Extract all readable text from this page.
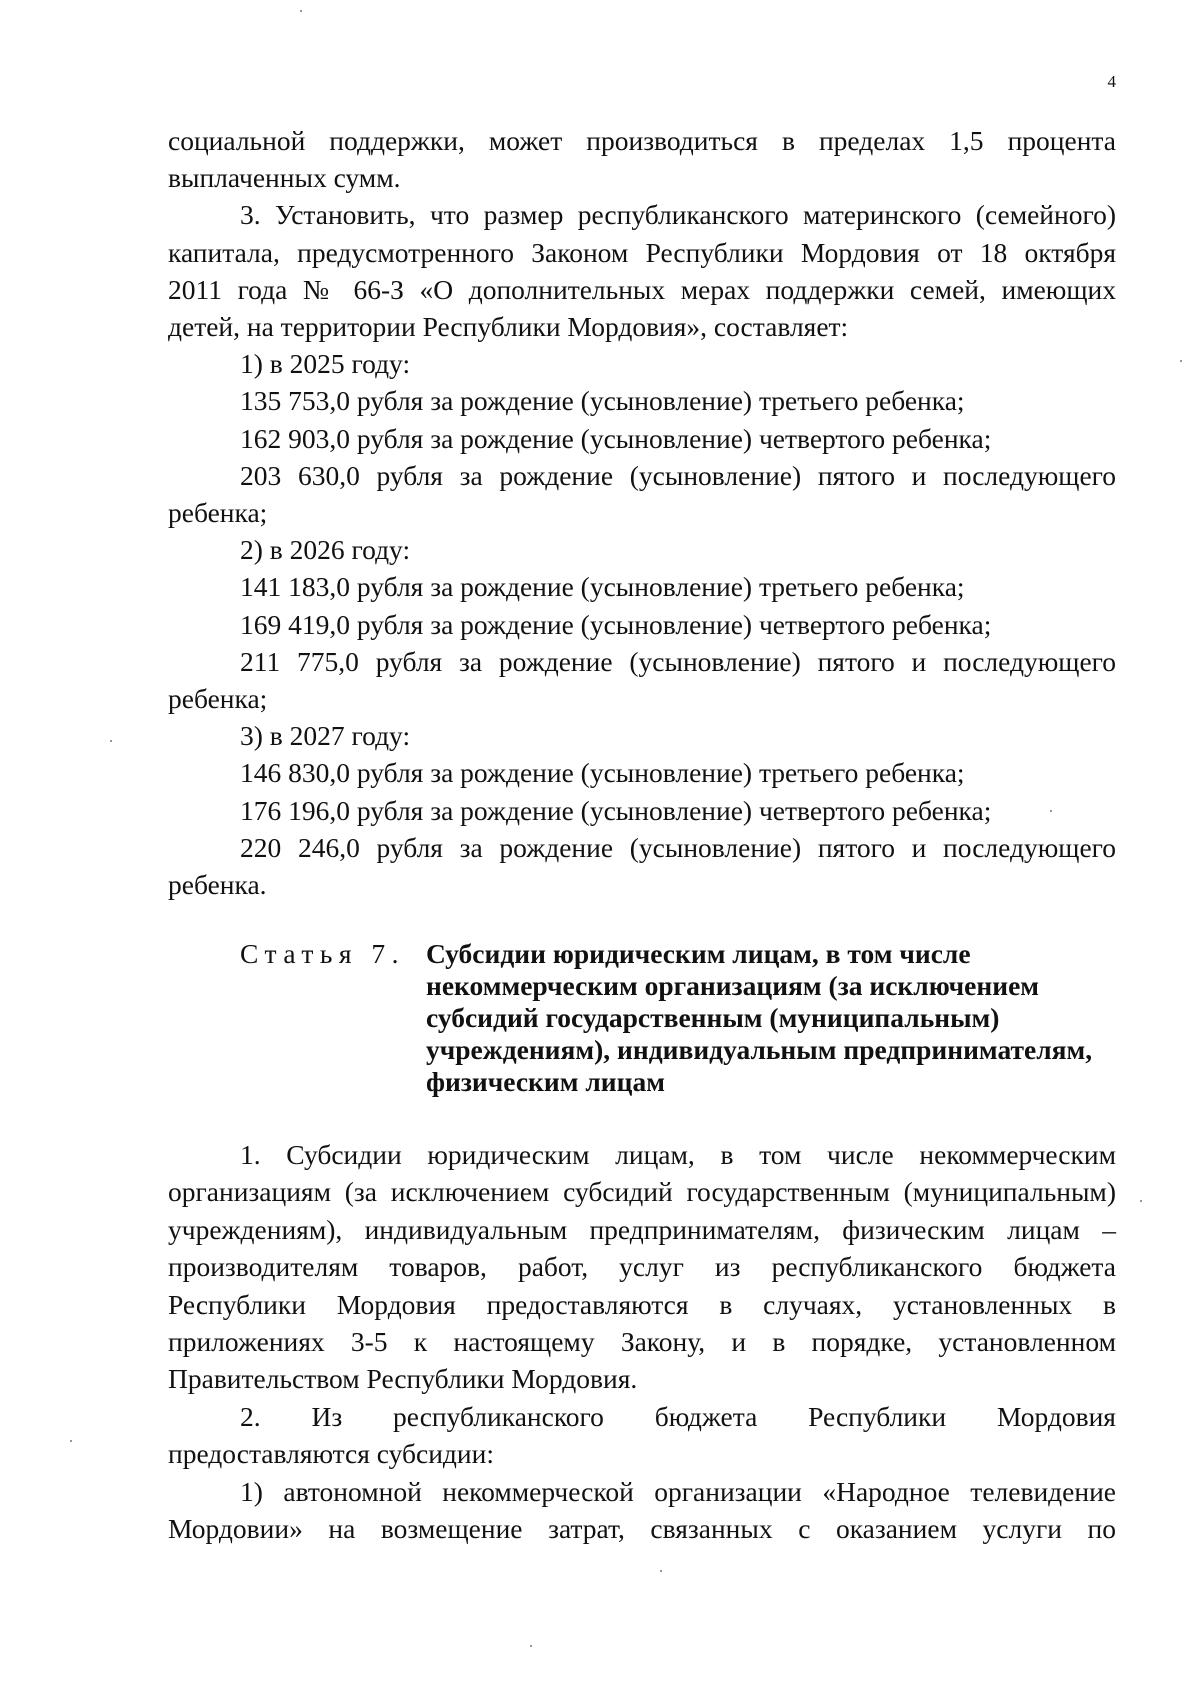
4

социальной поддержки, может производиться в пределах 1,5 процента
выплаченных сумм.

3. Установить, что размер республиканского материнского (семейного)
капитала, предусмотренного Законом Республики Мордовия от 18 октября
2011 года № 66-З «О дополнительных мерах поддержки семей, имеющих
детей, на территории Республики Мордовия», составляет:

1) в 2025 году:

135 753,0 рубля за рождение (усыновление) третьего ребенка;

162 903,0 рубля за рождение (усыновление) четвертого ребенка;

203 630,0 рубля за рождение (усыновление) пятого и последующего
ребенка;

2) в 2026 году:

141 183,0 рубля за рождение (усыновление) третьего ребенка;

169 419,0 рубля за рождение (усыновление) четвертого ребенка;

211 775,0 рубля за рождение (усыновление) пятого и последующего
ребенка;

3) в 2027 году:

146 830,0 рубля за рождение (усыновление) третьего ребенка;

176 196,0 рубля за рождение (усыновление) четвертого ребенка;

220 246,0 рубля за рождение (усыновление) пятого и последующего
ребенка.

Статья 7. Субсидии юридическим лицам, в том числе
некоммерческим организациям (за исключением
субсидий государственным (муниципальным)
учреждениям), индивидуальным предпринимателям,
физическим лицам

1. Субсидии юридическим лицам, в том числе некоммерческим
организациям (за исключением субсидий государственным (муниципальным)
учреждениям), индивидуальным предпринимателям, физическим лицам –
производителям товаров, работ, услуг из республиканского бюджета
Республики Мордовия предоставляются в случаях, установленных в
приложениях 3-5 к настоящему Закону, и в порядке, установленном
Правительством Республики Мордовия.

2. Из республиканского бюджета Республики Мордовия
предоставляются субсидии:

1) автономной некоммерческой организации «Народное телевидение
Мордовии» на возмещение затрат, связанных с оказанием услуги по
